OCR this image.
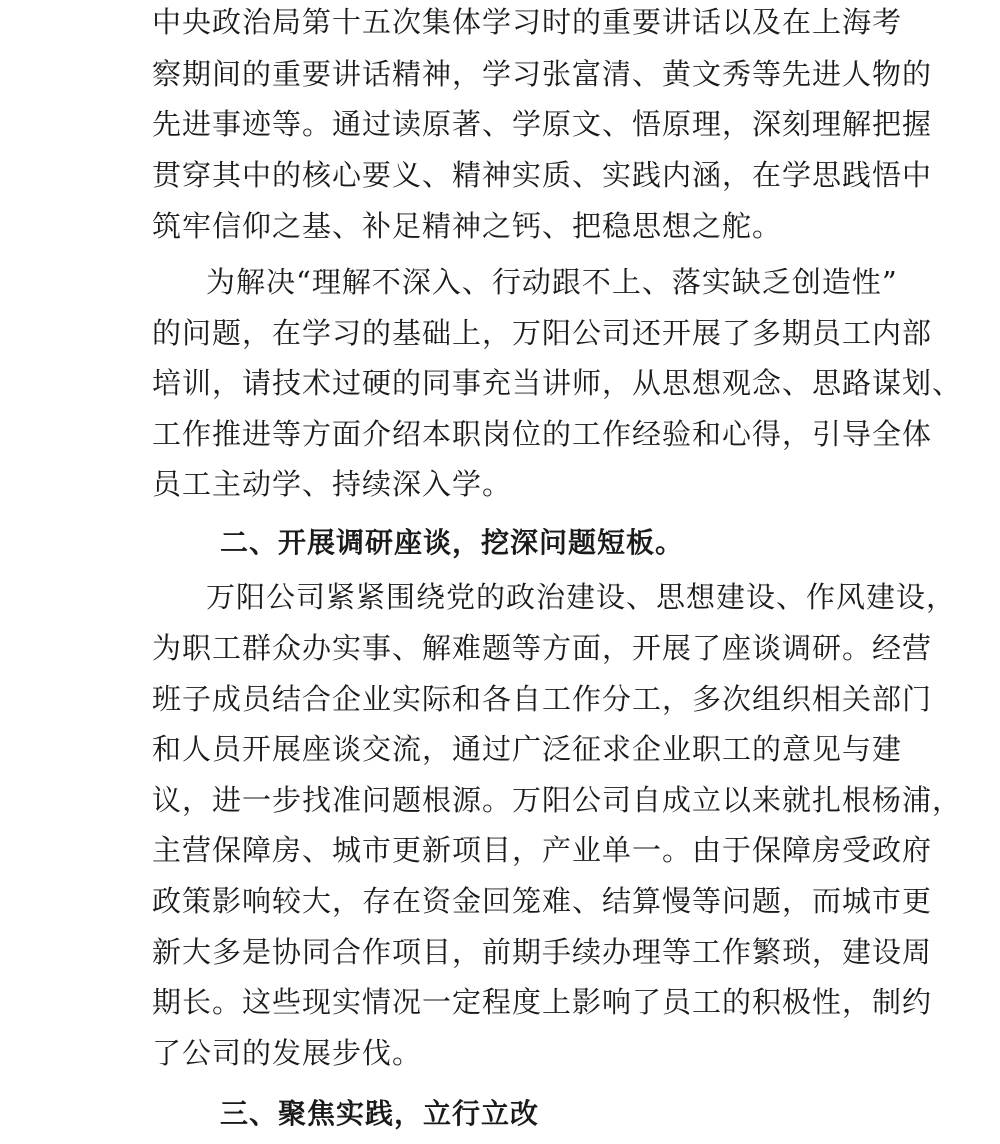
中央政治局第十五次集体学习时的重要讲话以及在上海考
察期间的重要讲话精神，学习张富清、黄文秀等先进人物的
先进事迹等。通过读原著、学原文、悟原理，深刻理解把握
贯穿其中的核心要义、精神实质、实践内涵，在学思践悟中
筑牢信仰之基、补足精神之钙、把稳思想之舵。
为解决“理解不深入、行动跟不上、落实缺乏创造性”
的问题，在学习的基础上，万阳公司还开展了多期员工内部
培训，请技术过硬的同事充当讲师，从思想观念、思路谋划、
工作推进等方面介绍本职岗位的工作经验和心得，引导全体
员工主动学、持续深入学。
二、开展调研座谈，挖深问题短板。
万阳公司紧紧围绕党的政治建设、思想建设、作风建设，
为职工群众办实事、解难题等方面，开展了座谈调研。经营
班子成员结合企业实际和各自工作分工，多次组织相关部门
和人员开展座谈交流，通过广泛征求企业职工的意见与建
议，进一步找准问题根源。万阳公司自成立以来就扎根杨浦，
主营保障房、城市更新项目，产业单一。由于保障房受政府
政策影响较大，存在资金回笼难、结算慢等问题，而城市更
新大多是协同合作项目，前期手续办理等工作繁琐，建设周
期长。这些现实情况一定程度上影响了员工的积极性，制约
了公司的发展步伐。
三、聚焦实践，立行立改
